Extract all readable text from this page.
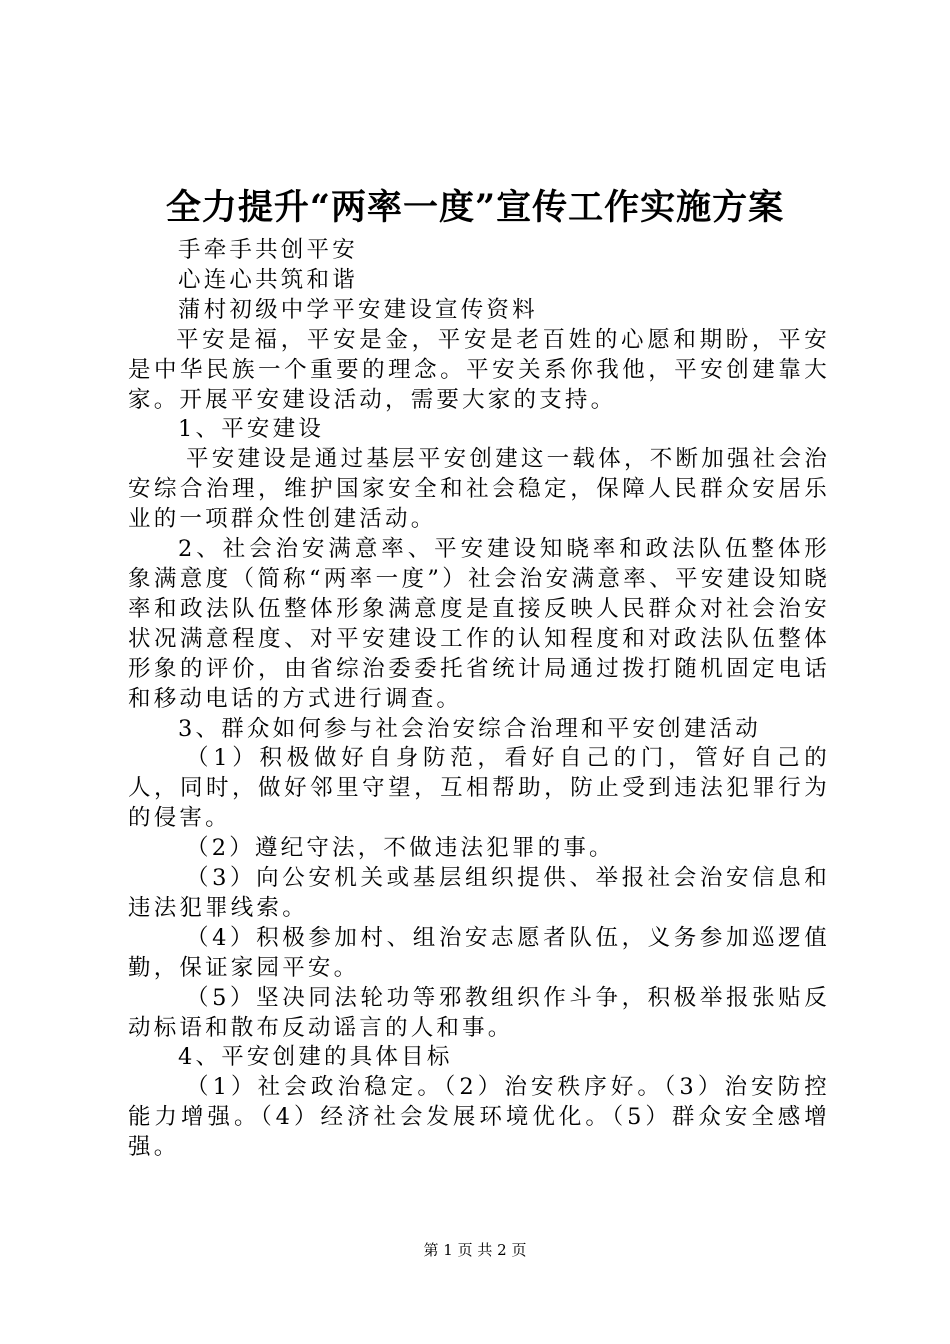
全力提升“两率一度”宣传工作实施方案

手牵手共创平安

心连心共筑和谐

蒲村初级中学平安建设宣传资料

平安是福，平安是金，平安是老百姓的心愿和期盼，平安是中华民族一个重要的理念。平安关系你我他，平安创建靠大家。开展平安建设活动，需要大家的支持。

1、平安建设

平安建设是通过基层平安创建这一载体，不断加强社会治安综合治理，维护国家安全和社会稳定，保障人民群众安居乐业的一项群众性创建活动。

2、社会治安满意率、平安建设知晓率和政法队伍整体形象满意度（简称“两率一度”）社会治安满意率、平安建设知晓率和政法队伍整体形象满意度是直接反映人民群众对社会治安状况满意程度、对平安建设工作的认知程度和对政法队伍整体形象的评价，由省综治委委托省统计局通过拨打随机固定电话和移动电话的方式进行调查。

3、群众如何参与社会治安综合治理和平安创建活动

（1）积极做好自身防范，看好自己的门，管好自己的人，同时，做好邻里守望，互相帮助，防止受到违法犯罪行为的侵害。

（2）遵纪守法，不做违法犯罪的事。

（3）向公安机关或基层组织提供、举报社会治安信息和违法犯罪线索。

（4）积极参加村、组治安志愿者队伍，义务参加巡逻值勤，保证家园平安。

（5）坚决同法轮功等邪教组织作斗争，积极举报张贴反动标语和散布反动谣言的人和事。

4、平安创建的具体目标

（1）社会政治稳定。（2）治安秩序好。（3）治安防控能力增强。（4）经济社会发展环境优化。（5）群众安全感增强。

第 1 页 共 2 页
